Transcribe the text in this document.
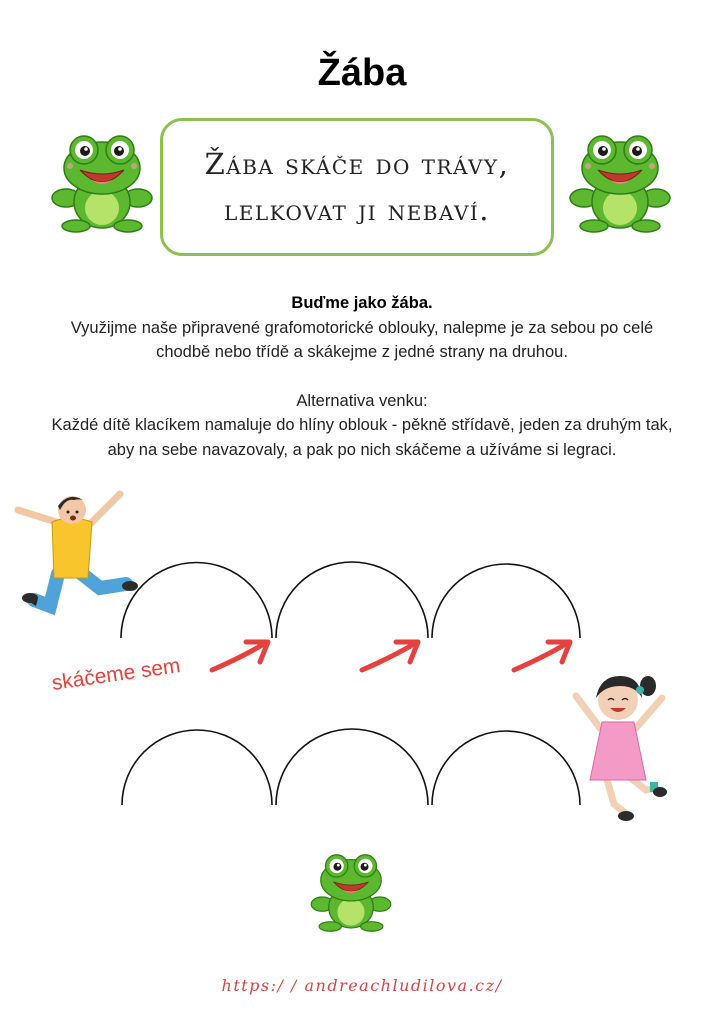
Žába
Žába skáče do trávy,
lelkovat ji nebaví.
Buďme jako žába.
Využijme naše připravené grafomotorické oblouky, nalepme je za sebou po celé
chodbě nebo třídě a skákejme z jedné strany na druhou.
Alternativa venku:
Každé dítě klacíkem namaluje do hlíny oblouk - pěkně střídavě, jeden za druhým tak,
aby na sebe navazovaly, a pak po nich skáčeme a užíváme si legraci.
skáčeme sem
https:/ / andreachludilova.cz/
